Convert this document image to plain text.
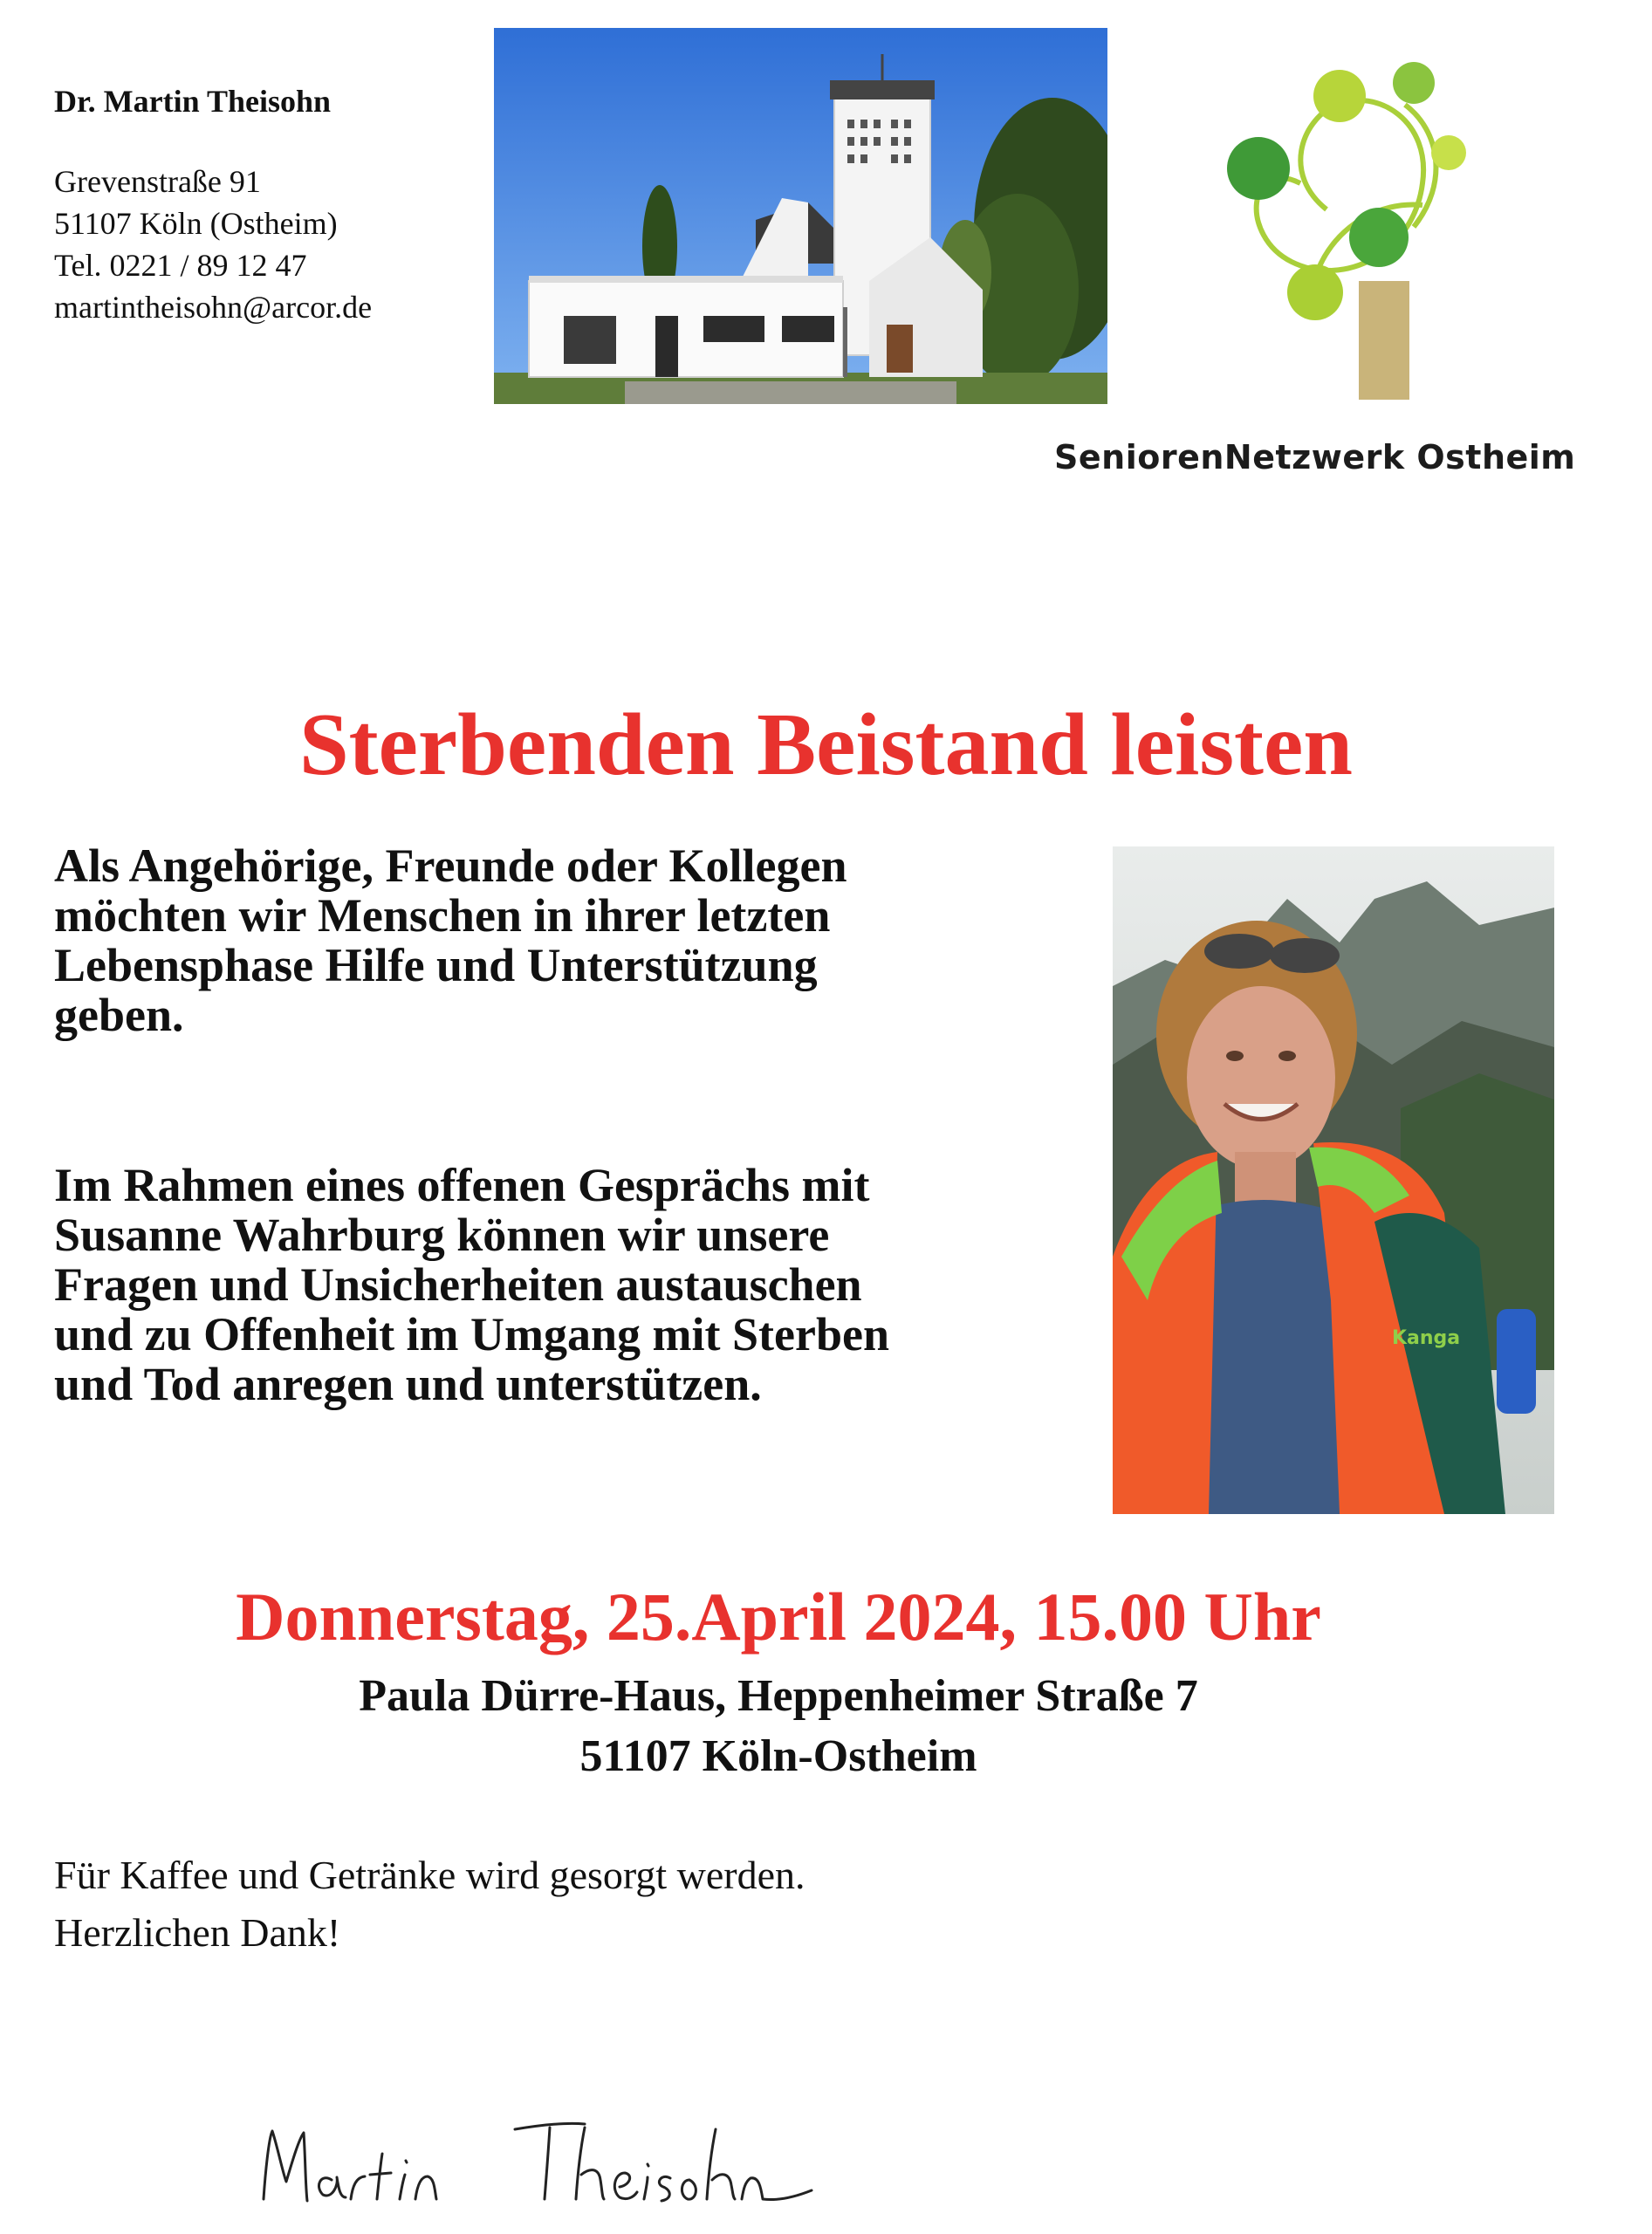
Dr. Martin Theisohn
Grevenstraße 91
51107 Köln (Ostheim)
Tel. 0221 / 89 12 47
martintheisohn@arcor.de
SeniorenNetzwerk Ostheim
Sterbenden Beistand leisten
Als Angehörige, Freunde oder Kollegen
möchten wir Menschen in ihrer letzten
Lebensphase Hilfe und Unterstützung
geben.
Im Rahmen eines offenen Gesprächs mit
Susanne Wahrburg können wir unsere
Fragen und Unsicherheiten austauschen
und zu Offenheit im Umgang mit Sterben
und Tod anregen und unterstützen.
Kanga
Donnerstag, 25.April 2024, 15.00 Uhr
Paula Dürre-Haus, Heppenheimer Straße 7
51107 Köln-Ostheim
Für Kaffee und Getränke wird gesorgt werden.
Herzlichen Dank!
